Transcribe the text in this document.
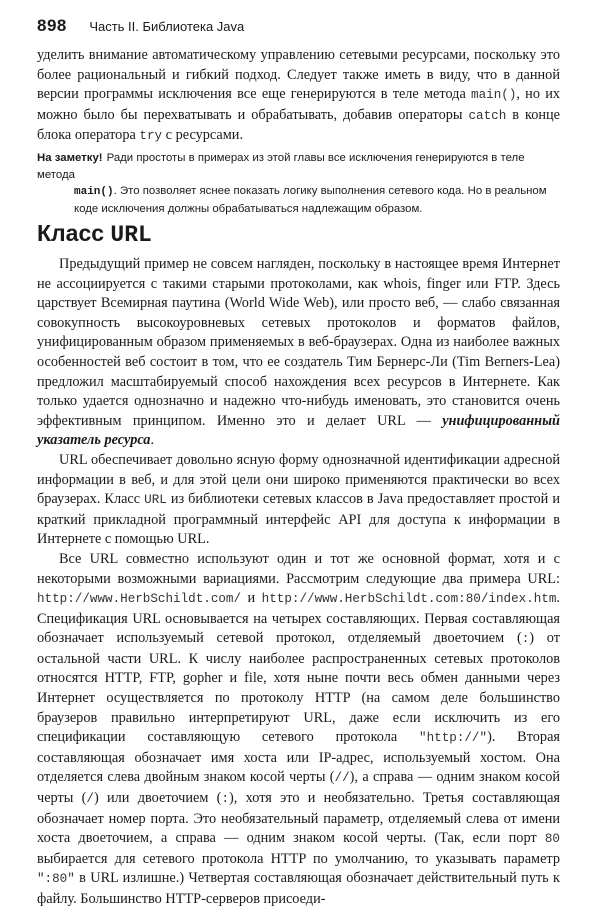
898 Часть II. Библиотека Java

уделить внимание автоматическому управлению сетевыми ресурсами, поскольку это более рациональный и гибкий подход. Следует также иметь в виду, что в данной версии программы исключения все еще генерируются в теле метода main(), но их можно было бы перехватывать и обрабатывать, добавив операторы catch в конце блока оператора try с ресурсами.

На заметку! Ради простоты в примерах из этой главы все исключения генерируются в теле метода

main(). Это позволяет яснее показать логику выполнения сетевого кода. Но в реальном коде исключения должны обрабатываться надлежащим образом.

Класс URL

Предыдущий пример не совсем нагляден, поскольку в настоящее время Интернет не ассоциируется с такими старыми протоколами, как whois, finger или FTP. Здесь царствует Всемирная паутина (World Wide Web), или просто веб, — слабо связанная совокупность высокоуровневых сетевых протоколов и форматов файлов, унифицированным образом применяемых в веб-браузерах. Одна из наиболее важных особенностей веб состоит в том, что ее создатель Тим Бернерс-Ли (Tim Berners-Lea) предложил масштабируемый способ нахождения всех ресурсов в Интернете. Как только удается однозначно и надежно что-нибудь именовать, это становится очень эффективным принципом. Именно это и делает URL — унифицированный указатель ресурса.

URL обеспечивает довольно ясную форму однозначной идентификации адресной информации в веб, и для этой цели они широко применяются практически во всех браузерах. Класс URL из библиотеки сетевых классов в Java предоставляет простой и краткий прикладной программный интерфейс API для доступа к информации в Интернете с помощью URL.

Все URL совместно используют один и тот же основной формат, хотя и с некоторыми возможными вариациями. Рассмотрим следующие два примера URL: http://www.HerbSchildt.com/ и http://www.HerbSchildt.com:80/index.htm. Спецификация URL основывается на четырех составляющих. Первая составляющая обозначает используемый сетевой протокол, отделяемый двоеточием (:) от остальной части URL. К числу наиболее распространенных сетевых протоколов относятся HTTP, FTP, gopher и file, хотя ныне почти весь обмен данными через Интернет осуществляется по протоколу HTTP (на самом деле большинство браузеров правильно интерпретируют URL, даже если исключить из его спецификации составляющую сетевого протокола "http://"). Вторая составляющая обозначает имя хоста или IP-адрес, используемый хостом. Она отделяется слева двойным знаком косой черты (//), а справа — одним знаком косой черты (/) или двоеточием (:), хотя это и необязательно. Третья составляющая обозначает номер порта. Это необязательный параметр, отделяемый слева от имени хоста двоеточием, а справа — одним знаком косой черты. (Так, если порт 80 выбирается для сетевого протокола HTTP по умолчанию, то указывать параметр ":80" в URL излишне.) Четвертая составляющая обозначает действительный путь к файлу. Большинство HTTP-серверов присоеди-
